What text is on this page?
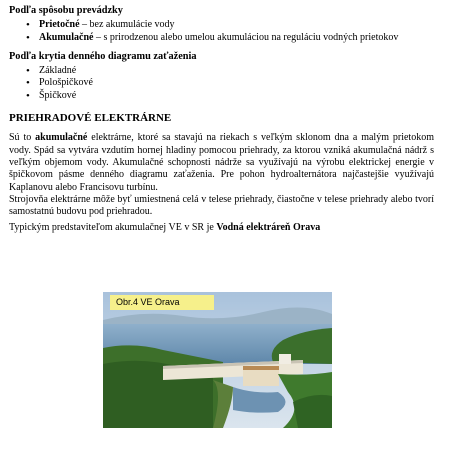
Podľa spôsobu prevádzky
• Prietočné – bez akumulácie vody
• Akumulačné – s prirodzenou alebo umelou akumuláciou na reguláciu vodných prietokov
Podľa krytia denného diagramu zaťaženia
• Základné
• Pološpičkové
• Špičkové
PRIEHRADOVÉ ELEKTRÁRNE

Sú to akumulačné elektrárne, ktoré sa stavajú na riekach s veľkým sklonom dna a malým prietokom vody. Spád sa vytvára vzdutím hornej hladiny pomocou priehrady, za ktorou vzniká akumulačná nádrž s veľkým objemom vody. Akumulačné schopnosti nádrže sa využívajú na výrobu elektrickej energie v špičkovom pásme denného diagramu zaťaženia. Pre pohon hydroalternátora najčastejšie využívajú Kaplanovu alebo Francisovu turbínu.

Strojovňa elektrárne môže byť umiestnená celá v telese priehrady, čiastočne v telese priehrady alebo tvorí samostatnú budovu pod priehradou.

Typickým predstaviteľom akumulačnej VE v SR je Vodná elektráreň Orava

Obr.4 VE Orava
